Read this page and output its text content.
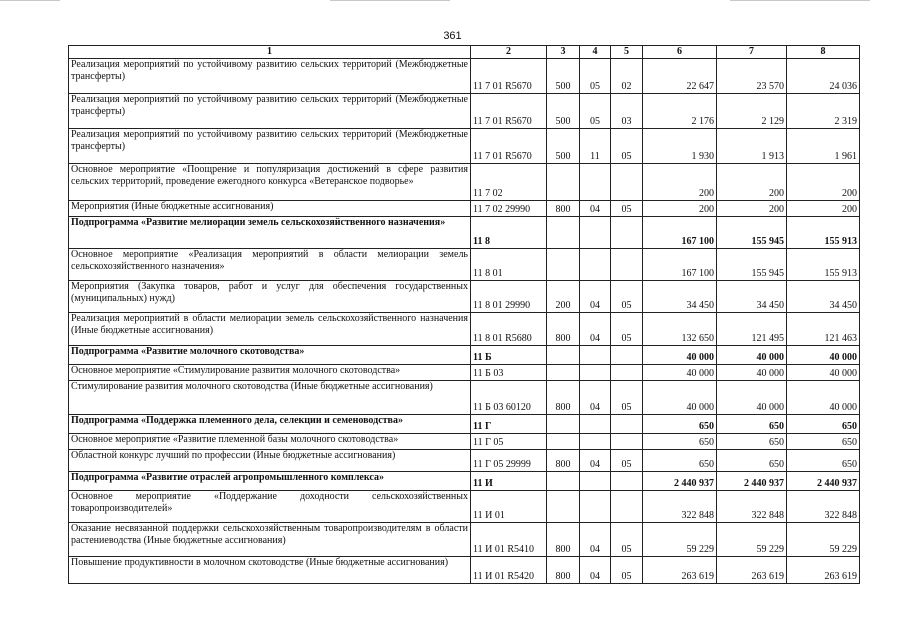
361
1	2	3	4	5	6	7	8
Реализация мероприятий по устойчивому развитию сельских территорий (Межбюджетные трансферты)	11 7 01 R5670	500	05	02	22 647	23 570	24 036
Реализация мероприятий по устойчивому развитию сельских территорий (Межбюджетные трансферты)	11 7 01 R5670	500	05	03	2 176	2 129	2 319
Реализация мероприятий по устойчивому развитию сельских территорий (Межбюджетные трансферты)	11 7 01 R5670	500	11	05	1 930	1 913	1 961
Основное мероприятие «Поощрение и популяризация достижений в сфере развития сельских территорий, проведение ежегодного конкурса «Ветеранское подворье»	11 7 02				200	200	200
Мероприятия (Иные бюджетные ассигнования)	11 7 02 29990	800	04	05	200	200	200
Подпрограмма «Развитие мелиорации земель сельскохозяйственного назначения»	11 8				167 100	155 945	155 913
Основное мероприятие «Реализация мероприятий в области мелиорации земель сельскохозяйственного назначения»	11 8 01				167 100	155 945	155 913
Мероприятия (Закупка товаров, работ и услуг для обеспечения государственных (муниципальных) нужд)	11 8 01 29990	200	04	05	34 450	34 450	34 450
Реализация мероприятий в области мелиорации земель сельскохозяйственного назначения (Иные бюджетные ассигнования)	11 8 01 R5680	800	04	05	132 650	121 495	121 463
Подпрограмма «Развитие молочного скотоводства»	11 Б				40 000	40 000	40 000
Основное мероприятие «Стимулирование развития молочного скотоводства»	11 Б 03				40 000	40 000	40 000
Стимулирование развития молочного скотоводства (Иные бюджетные ассигнования)	11 Б 03 60120	800	04	05	40 000	40 000	40 000
Подпрограмма «Поддержка племенного дела, селекции и семеноводства»	11 Г				650	650	650
Основное мероприятие «Развитие племенной базы молочного скотоводства»	11 Г 05				650	650	650
Областной конкурс лучший по профессии (Иные бюджетные ассигнования)	11 Г 05 29999	800	04	05	650	650	650
Подпрограмма «Развитие отраслей агропромышленного комплекса»	11 И				2 440 937	2 440 937	2 440 937
Основное мероприятие «Поддержание доходности сельскохозяйственных товаропроизводителей»	11 И 01				322 848	322 848	322 848
Оказание несвязанной поддержки сельскохозяйственным товаропроизводителям в области растениеводства (Иные бюджетные ассигнования)	11 И 01 R5410	800	04	05	59 229	59 229	59 229
Повышение продуктивности в молочном скотоводстве (Иные бюджетные ассигнования)	11 И 01 R5420	800	04	05	263 619	263 619	263 619
